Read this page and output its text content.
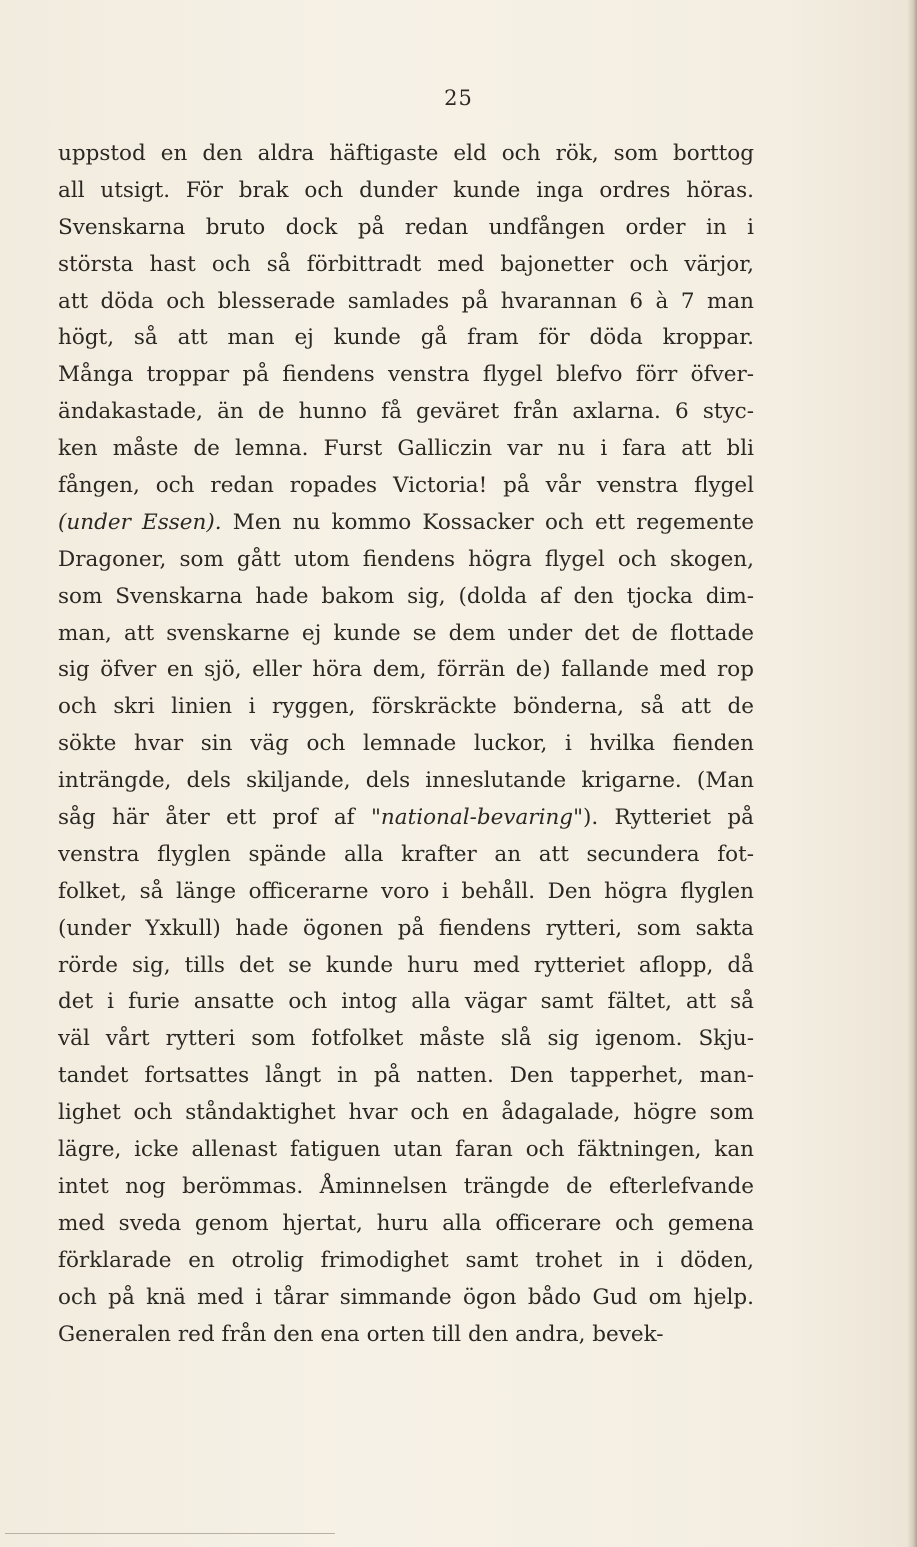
25
uppstod en den aldra häftigaste eld och rök, som borttog
all utsigt. För brak och dunder kunde inga ordres höras.
Svenskarna bruto dock på redan undfången order in i
största hast och så förbittradt med bajonetter och värjor,
att döda och blesserade samlades på hvarannan 6 à 7 man
högt, så att man ej kunde gå fram för döda kroppar.
Många troppar på fiendens venstra flygel blefvo förr öfver-
ändakastade, än de hunno få geväret från axlarna. 6 styc-
ken måste de lemna. Furst Galliczin var nu i fara att bli
fången, och redan ropades Victoria! på vår venstra flygel
(under Essen). Men nu kommo Kossacker och ett regemente
Dragoner, som gått utom fiendens högra flygel och skogen,
som Svenskarna hade bakom sig, (dolda af den tjocka dim-
man, att svenskarne ej kunde se dem under det de flottade
sig öfver en sjö, eller höra dem, förrän de) fallande med rop
och skri linien i ryggen, förskräckte bönderna, så att de
sökte hvar sin väg och lemnade luckor, i hvilka fienden
inträngde, dels skiljande, dels inneslutande krigarne. (Man
såg här åter ett prof af "national-bevaring"). Rytteriet på
venstra flyglen spände alla krafter an att secundera fot-
folket, så länge officerarne voro i behåll. Den högra flyglen
(under Yxkull) hade ögonen på fiendens rytteri, som sakta
rörde sig, tills det se kunde huru med rytteriet aflopp, då
det i furie ansatte och intog alla vägar samt fältet, att så
väl vårt rytteri som fotfolket måste slå sig igenom. Skju-
tandet fortsattes långt in på natten. Den tapperhet, man-
lighet och ståndaktighet hvar och en ådagalade, högre som
lägre, icke allenast fatiguen utan faran och fäktningen, kan
intet nog berömmas. Åminnelsen trängde de efterlefvande
med sveda genom hjertat, huru alla officerare och gemena
förklarade en otrolig frimodighet samt trohet in i döden,
och på knä med i tårar simmande ögon bådo Gud om hjelp.
Generalen red från den ena orten till den andra, bevek-
